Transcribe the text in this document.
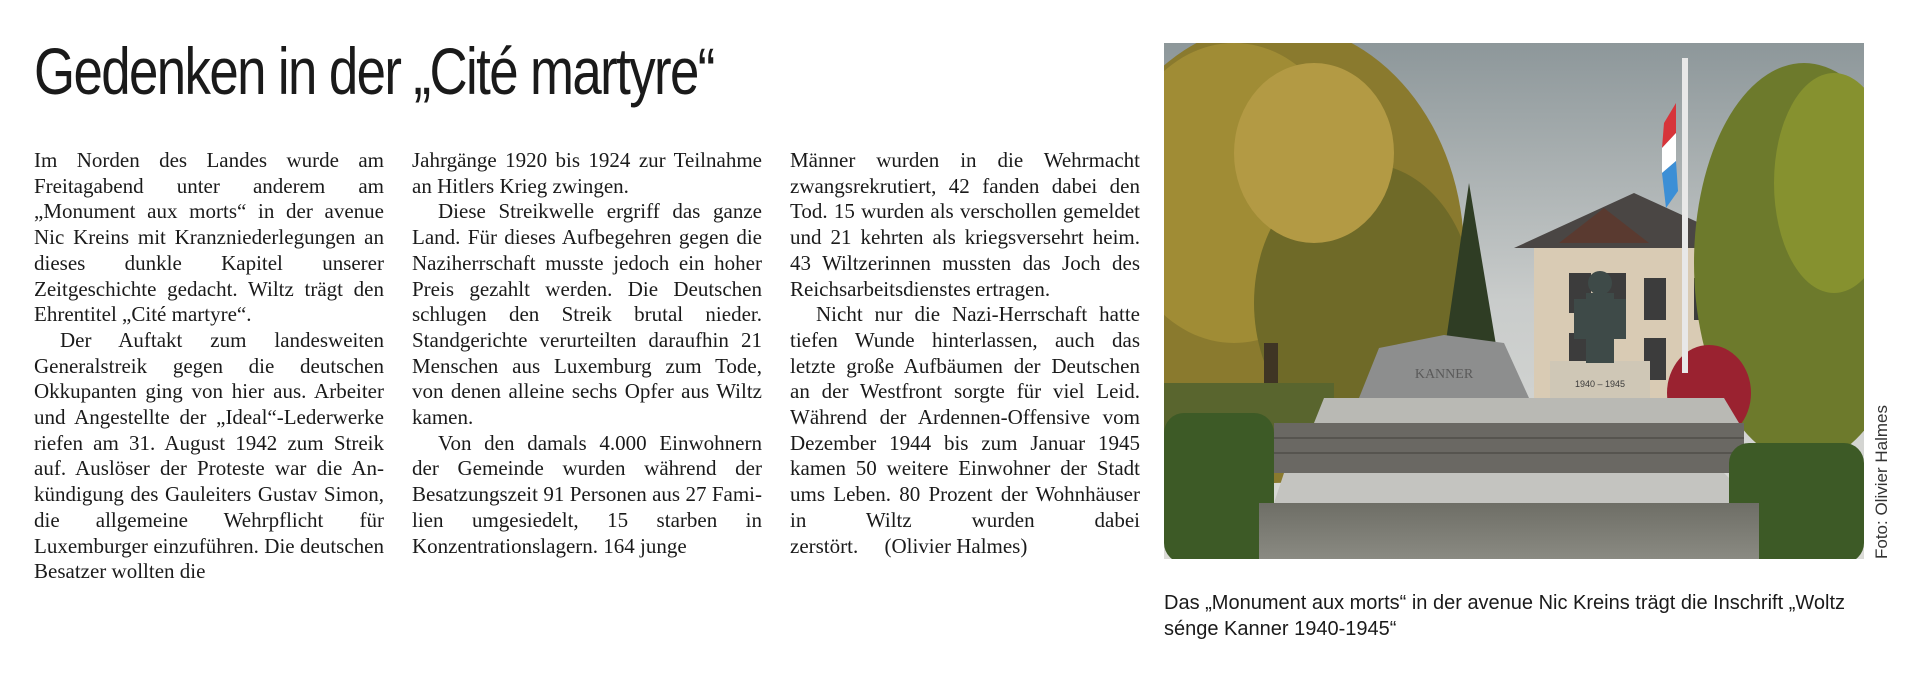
Gedenken in der „Cité martyre“

Im Norden des Landes wurde am Freitagabend unter anderem am „Monument aux morts“ in der avenue Nic Kreins mit Kranzniederlegungen an dieses dunkle Kapitel unserer Zeitgeschichte gedacht. Wiltz trägt den Ehrentitel „Cité martyre“.

Der Auftakt zum landesweiten Generalstreik gegen die deutschen Okkupanten ging von hier aus. Arbeiter und Angestellte der „Ideal“-Lederwerke riefen am 31. August 1942 zum Streik auf. Auslöser der Proteste war die Ankündigung des Gauleiters Gustav Simon, die allgemeine Wehrpflicht für Luxemburger einzuführen. Die deutschen Besatzer wollten die

Jahrgänge 1920 bis 1924 zur Teilnahme an Hitlers Krieg zwingen.

Diese Streikwelle ergriff das ganze Land. Für dieses Aufbegehren gegen die Naziherrschaft musste jedoch ein hoher Preis gezahlt werden. Die Deutschen schlugen den Streik brutal nieder. Standgerichte verurteilten daraufhin 21 Menschen aus Luxemburg zum Tode, von denen alleine sechs Opfer aus Wiltz kamen.

Von den damals 4.000 Einwohnern der Gemeinde wurden während der Besatzungszeit 91 Personen aus 27 Familien umgesiedelt, 15 starben in Konzentrationslagern. 164 junge

Männer wurden in die Wehrmacht zwangsrekrutiert, 42 fanden dabei den Tod. 15 wurden als verschollen gemeldet und 21 kehrten als kriegsversehrt heim. 43 Wiltzerinnen mussten das Joch des Reichsarbeitsdienstes ertragen.

Nicht nur die Nazi-Herrschaft hatte tiefen Wunde hinterlassen, auch das letzte große Aufbäumen der Deutschen an der Westfront sorgte für viel Leid. Während der Ardennen-Offensive vom Dezember 1944 bis zum Januar 1945 kamen 50 weitere Einwohner der Stadt ums Leben. 80 Prozent der Wohnhäuser in Wiltz wurden dabei zerstört. (Olivier Halmes)

1940 – 1945
KANNER
Foto: Olivier Halmes
Das „Monument aux morts“ in der avenue Nic Kreins trägt die Inschrift „Woltz sénge Kanner 1940-1945“
